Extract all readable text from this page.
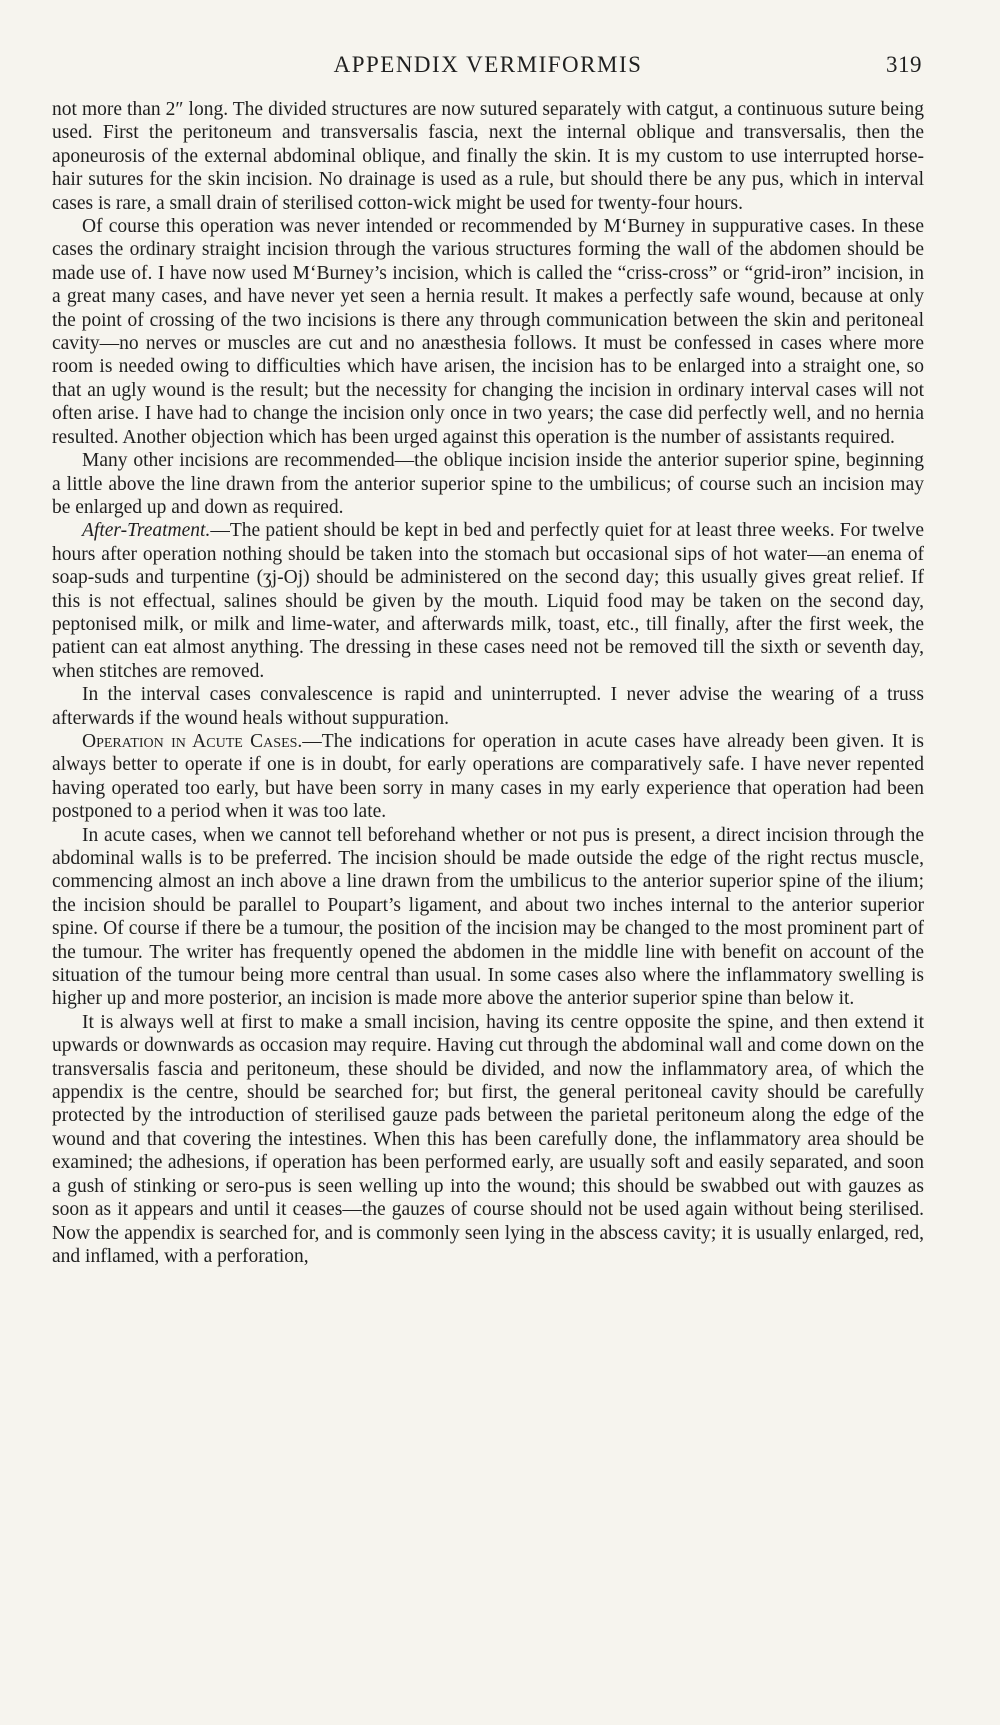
APPENDIX VERMIFORMIS	319

not more than 2″ long. The divided structures are now sutured separately with catgut, a continuous suture being used. First the peritoneum and transversalis fascia, next the internal oblique and transversalis, then the aponeurosis of the external abdominal oblique, and finally the skin. It is my custom to use interrupted horse-hair sutures for the skin incision. No drainage is used as a rule, but should there be any pus, which in interval cases is rare, a small drain of sterilised cotton-wick might be used for twenty-four hours.

Of course this operation was never intended or recommended by M‘Burney in suppurative cases. In these cases the ordinary straight incision through the various structures forming the wall of the abdomen should be made use of. I have now used M‘Burney’s incision, which is called the “criss-cross” or “grid-iron” incision, in a great many cases, and have never yet seen a hernia result. It makes a perfectly safe wound, because at only the point of crossing of the two incisions is there any through communication between the skin and peritoneal cavity—no nerves or muscles are cut and no anæsthesia follows. It must be confessed in cases where more room is needed owing to difficulties which have arisen, the incision has to be enlarged into a straight one, so that an ugly wound is the result; but the necessity for changing the incision in ordinary interval cases will not often arise. I have had to change the incision only once in two years; the case did perfectly well, and no hernia resulted. Another objection which has been urged against this operation is the number of assistants required.

Many other incisions are recommended—the oblique incision inside the anterior superior spine, beginning a little above the line drawn from the anterior superior spine to the umbilicus; of course such an incision may be enlarged up and down as required.

After-Treatment.—The patient should be kept in bed and perfectly quiet for at least three weeks. For twelve hours after operation nothing should be taken into the stomach but occasional sips of hot water—an enema of soap-suds and turpentine (ʒj-Oj) should be administered on the second day; this usually gives great relief. If this is not effectual, salines should be given by the mouth. Liquid food may be taken on the second day, peptonised milk, or milk and lime-water, and afterwards milk, toast, etc., till finally, after the first week, the patient can eat almost anything. The dressing in these cases need not be removed till the sixth or seventh day, when stitches are removed.

In the interval cases convalescence is rapid and uninterrupted. I never advise the wearing of a truss afterwards if the wound heals without suppuration.

Operation in Acute Cases.—The indications for operation in acute cases have already been given. It is always better to operate if one is in doubt, for early operations are comparatively safe. I have never repented having operated too early, but have been sorry in many cases in my early experience that operation had been postponed to a period when it was too late.

In acute cases, when we cannot tell beforehand whether or not pus is present, a direct incision through the abdominal walls is to be preferred. The incision should be made outside the edge of the right rectus muscle, commencing almost an inch above a line drawn from the umbilicus to the anterior superior spine of the ilium; the incision should be parallel to Poupart’s ligament, and about two inches internal to the anterior superior spine. Of course if there be a tumour, the position of the incision may be changed to the most prominent part of the tumour. The writer has frequently opened the abdomen in the middle line with benefit on account of the situation of the tumour being more central than usual. In some cases also where the inflammatory swelling is higher up and more posterior, an incision is made more above the anterior superior spine than below it.

It is always well at first to make a small incision, having its centre opposite the spine, and then extend it upwards or downwards as occasion may require. Having cut through the abdominal wall and come down on the transversalis fascia and peritoneum, these should be divided, and now the inflammatory area, of which the appendix is the centre, should be searched for; but first, the general peritoneal cavity should be carefully protected by the introduction of sterilised gauze pads between the parietal peritoneum along the edge of the wound and that covering the intestines. When this has been carefully done, the inflammatory area should be examined; the adhesions, if operation has been performed early, are usually soft and easily separated, and soon a gush of stinking or sero-pus is seen welling up into the wound; this should be swabbed out with gauzes as soon as it appears and until it ceases—the gauzes of course should not be used again without being sterilised. Now the appendix is searched for, and is commonly seen lying in the abscess cavity; it is usually enlarged, red, and inflamed, with a perforation,
